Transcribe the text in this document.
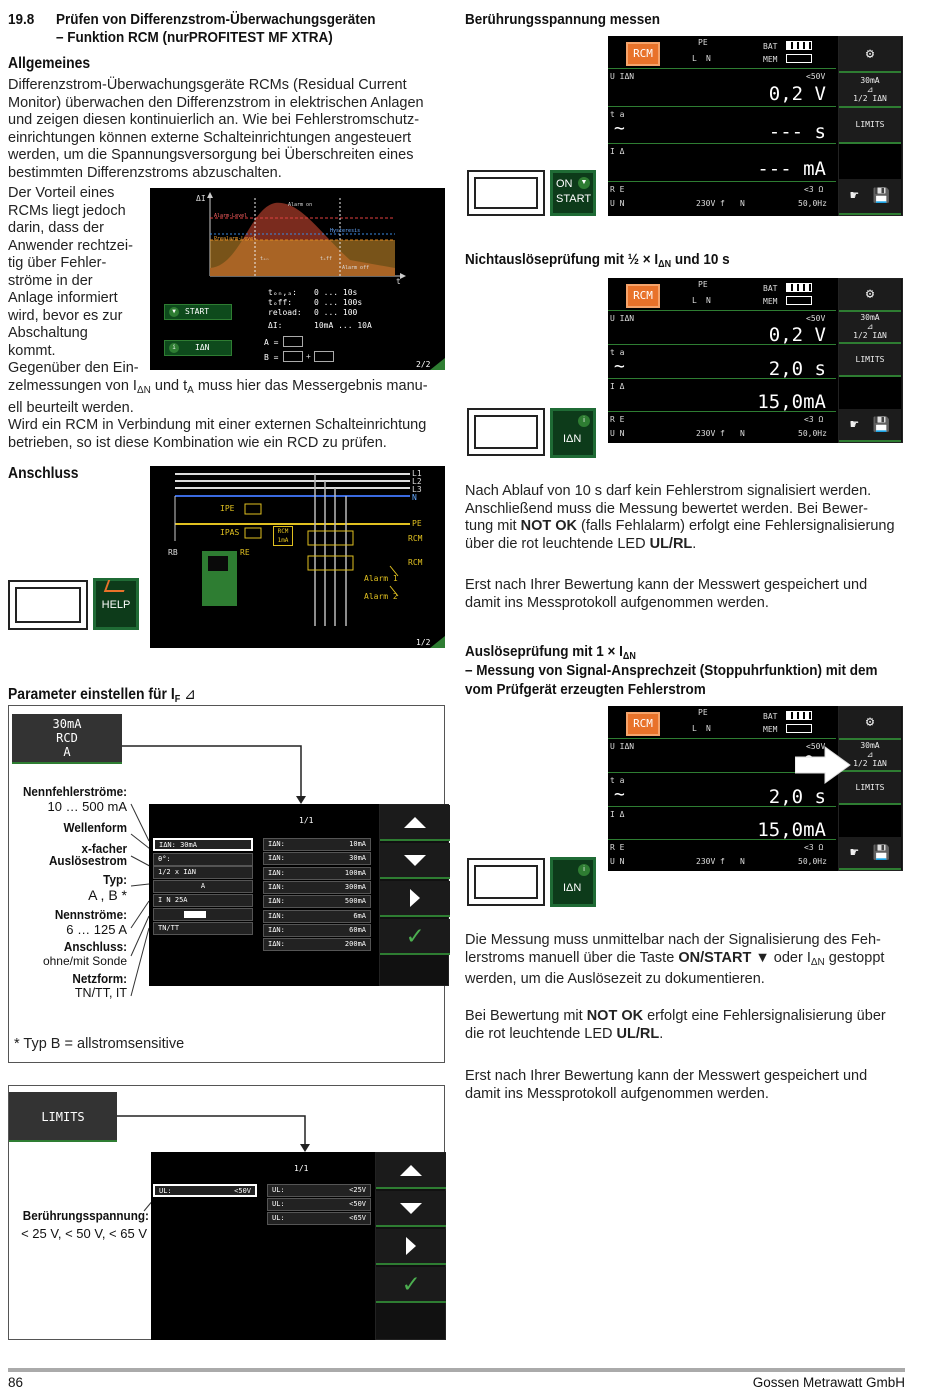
19.8 Prüfen von Differenzstrom-Überwachungsgeräten
– Funktion RCM (nurPROFITEST MF XTRA)
Allgemeines
Differenzstrom-Überwachungsgeräte RCMs (Residual Current
Monitor) überwachen den Differenzstrom in elektrischen Anlagen
und zeigen diesen kontinuierlich an. Wie bei Fehlerstromschutz-
einrichtungen können externe Schalteinrichtungen angesteuert
werden, um die Spannungsversorgung bei Überschreiten eines
bestimmten Differenzstroms abzuschalten.
Der Vorteil eines
RCMs liegt jedoch
darin, dass der
Anwender rechtzei-
tig über Fehler-
ströme in der
Anlage informiert
wird, bevor es zur
Abschaltung
kommt.
Gegenüber den Ein-
zelmessungen von $I_{\Delta N}$ und $t_A$ muss hier das Messergebnis manu-
ell beurteilt werden.
Wird ein RCM in Verbindung mit einer externen Schalteinrichtung
betrieben, so ist diese Kombination wie ein RCD zu prüfen.
ΔI
t
Alarm on
Alarm-Level
Hysteresis
Prealarm-Level
Alarm off
tₒₙ	tₒff
▼	START
i	IΔN
tₒₙ,ₐ: 0 ... 10s
tₒff:	0 ... 100s
reload: 0 ... 100
ΔI:	10mA ... 10A
A =
B =	+
2/2
Anschluss
HELP
L1
L2
L3
N
PE
IPE
IPAS	RCM
1mA
RB	RE
RCM
RCM
Alarm 1
Alarm 2
1/2
Parameter einstellen für $I_F$ ⊿
30mA
RCD
A
1/1
IΔN: 30mA
θ°:
1/2 x IΔN
A
I N 25A
TN/TT
IΔN:	10mA
IΔN:	30mA
IΔN:	100mA
IΔN:	300mA
IΔN:	500mA
IΔN:	6mA
IΔN:	60mA
IΔN:	200mA ✓
Nennfehlerströme:
10 … 500 mA
Wellenform
x-facher
Auslösestrom
Typ:
A , B *
Nennströme:
6 … 125 A
Anschluss:
ohne/mit Sonde
Netzform:
TN/TT, IT
* Typ B = allstromsensitive
LIMITS
1/1
UL:	<50V	UL:	<25V
UL:	<50V
UL:	<65V
✓
Berührungsspannung:
< 25 V, < 50 V, < 65 V
Berührungsspannung messen
RCM
PE
L N
BAT
MEM
U IΔN	<50V
0,2 V
t a
∼	--- s
I Δ
--- mA
R E	<3 Ω
U N	230V f N	50,0Hz
⚙
30mA
⊿
1/2 IΔN
LIMITS
☛ 💾
ON
START
▼
Nichtauslöseprüfung mit ½ × $I_{\Delta N}$ und 10 s
RCM
PE
L N
BAT
MEM
U IΔN	<50V
0,2 V
t a
∼	2,0 s
I Δ
15,0mA
R E	<3 Ω
U N	230V f N	50,0Hz
⚙
30mA
⊿
1/2 IΔN
LIMITS
☛ 💾
i
IΔN
Nach Ablauf von 10 s darf kein Fehlerstrom signalisiert werden.
Anschließend muss die Messung bewertet werden. Bei Bewer-
tung mit NOT OK (falls Fehlalarm) erfolgt eine Fehlersignalisierung
über die rot leuchtende LED UL/RL.
Erst nach Ihrer Bewertung kann der Messwert gespeichert und
damit ins Messprotokoll aufgenommen werden.
Auslöseprüfung mit $1 \times I_{\Delta N}$
– Messung von Signal-Ansprechzeit (Stoppuhrfunktion) mit dem
vom Prüfgerät erzeugten Fehlerstrom
RCM
PE
L N
BAT
MEM
U IΔN	<50V
t a
∼	2,0 s
I Δ
15,0mA
R E	<3 Ω
U N	230V f N	50,0Hz
⚙
30mA
⊿
1/2 IΔN
LIMITS
☛ 💾
i
IΔN
Die Messung muss unmittelbar nach der Signalisierung des Feh-
lerstroms manuell über die Taste ON/START ▼ oder $I_{\Delta N}$ gestoppt
werden, um die Auslösezeit zu dokumentieren.
Bei Bewertung mit NOT OK erfolgt eine Fehlersignalisierung über
die rot leuchtende LED UL/RL.
Erst nach Ihrer Bewertung kann der Messwert gespeichert und
damit ins Messprotokoll aufgenommen werden.
86	Gossen Metrawatt GmbH
